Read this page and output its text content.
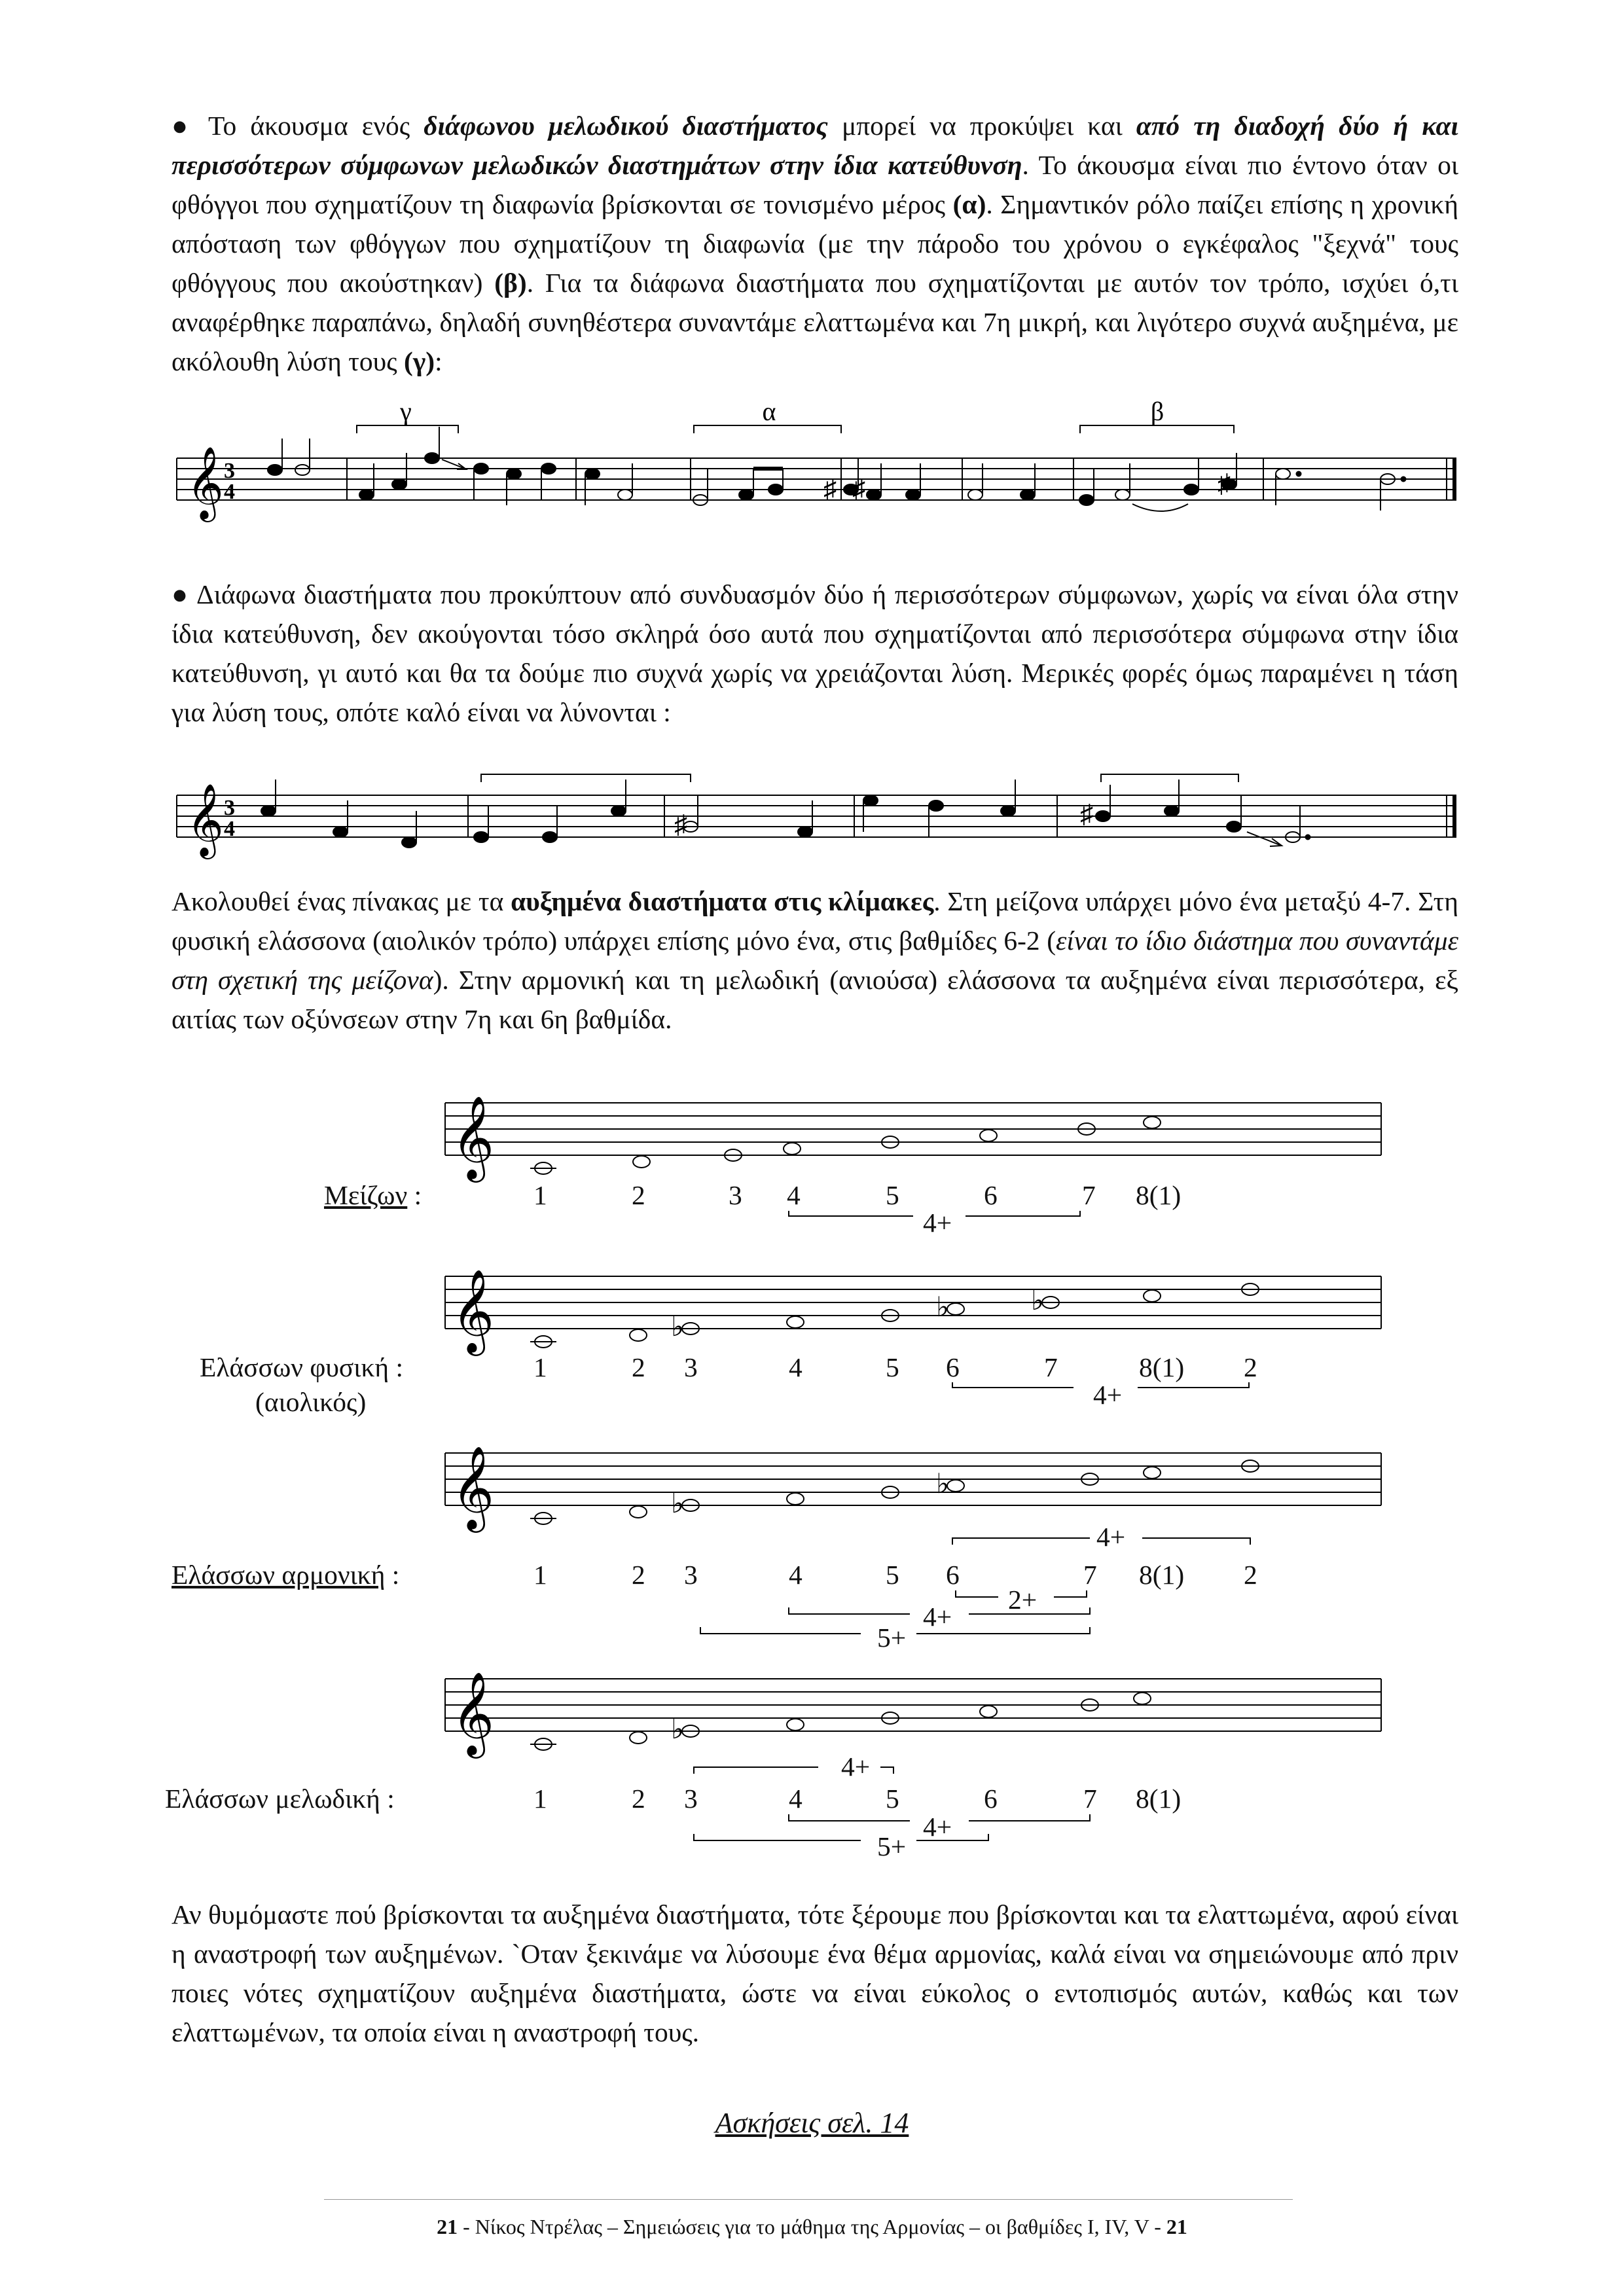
● Το άκουσμα ενός διάφωνου μελωδικού διαστήματος μπορεί να προκύψει και από τη διαδοχή δύο ή και περισσότερων σύμφωνων μελωδικών διαστημάτων στην ίδια κατεύθυνση. Το άκουσμα είναι πιο έντονο όταν οι φθόγγοι που σχηματίζουν τη διαφωνία βρίσκονται σε τονισμένο μέρος (α). Σημαντικόν ρόλο παίζει επίσης η χρονική απόσταση των φθόγγων που σχηματίζουν τη διαφωνία (με την πάροδο του χρόνου ο εγκέφαλος "ξεχνά" τους φθόγγους που ακούστηκαν) (β). Για τα διάφωνα διαστήματα που σχηματίζονται με αυτόν τον τρόπο, ισχύει ό,τι αναφέρθηκε παραπάνω, δηλαδή συνηθέστερα συναντάμε ελαττωμένα και 7η μικρή, και λιγότερο συχνά αυξημένα, με ακόλουθη λύση τους (γ):

𝄞 3
4
γ	α	β
♯ ♯	♯

● Διάφωνα διαστήματα που προκύπτουν από συνδυασμόν δύο ή περισσότερων σύμφωνων, χωρίς να είναι όλα στην ίδια κατεύθυνση, δεν ακούγονται τόσο σκληρά όσο αυτά που σχηματίζονται από περισσότερα σύμφωνα στην ίδια κατεύθυνση, γι αυτό και θα τα δούμε πιο συχνά χωρίς να χρειάζονται λύση. Μερικές φορές όμως παραμένει η τάση για λύση τους, οπότε καλό είναι να λύνονται :

𝄞 3
4	♯	♯

Ακολουθεί ένας πίνακας με τα αυξημένα διαστήματα στις κλίμακες. Στη μείζονα υπάρχει μόνο ένα μεταξύ 4-7. Στη φυσική ελάσσονα (αιολικόν τρόπο) υπάρχει επίσης μόνο ένα, στις βαθμίδες 6-2 (είναι το ίδιο διάστημα που συναντάμε στη σχετική της μείζονα). Στην αρμονική και τη μελωδική (ανιούσα) ελάσσονα τα αυξημένα είναι περισσότερα, εξ αιτίας των οξύνσεων στην 7η και 6η βαθμίδα.

𝄞
Μείζων :	1	2	3 4	5	6	7 8(1)
4+
𝄞	♭
♭	♭
Ελάσσων φυσική :
(αιολικός)
1	2 3	4	5 6	7	8(1) 2
4+
𝄞	♭
♭
4+
Ελάσσων αρμονική :	1	2 3	4	5 6	7 8(1) 2
2+
4+
5+
𝄞	♭
4+
Ελάσσων μελωδική :	1	2 3	4	5	6	7 8(1)
4+
5+

Αν θυμόμαστε πού βρίσκονται τα αυξημένα διαστήματα, τότε ξέρουμε που βρίσκονται και τα ελαττωμένα, αφού είναι η αναστροφή των αυξημένων. `Οταν ξεκινάμε να λύσουμε ένα θέμα αρμονίας, καλά είναι να σημειώνουμε από πριν ποιες νότες σχηματίζουν αυξημένα διαστήματα, ώστε να είναι εύκολος ο εντοπισμός αυτών, καθώς και των ελαττωμένων, τα οποία είναι η αναστροφή τους.

Ασκήσεις σελ. 14
21 - Νίκος Ντρέλας – Σημειώσεις για το μάθημα της Αρμονίας – οι βαθμίδες Ι, IV, V - 21
